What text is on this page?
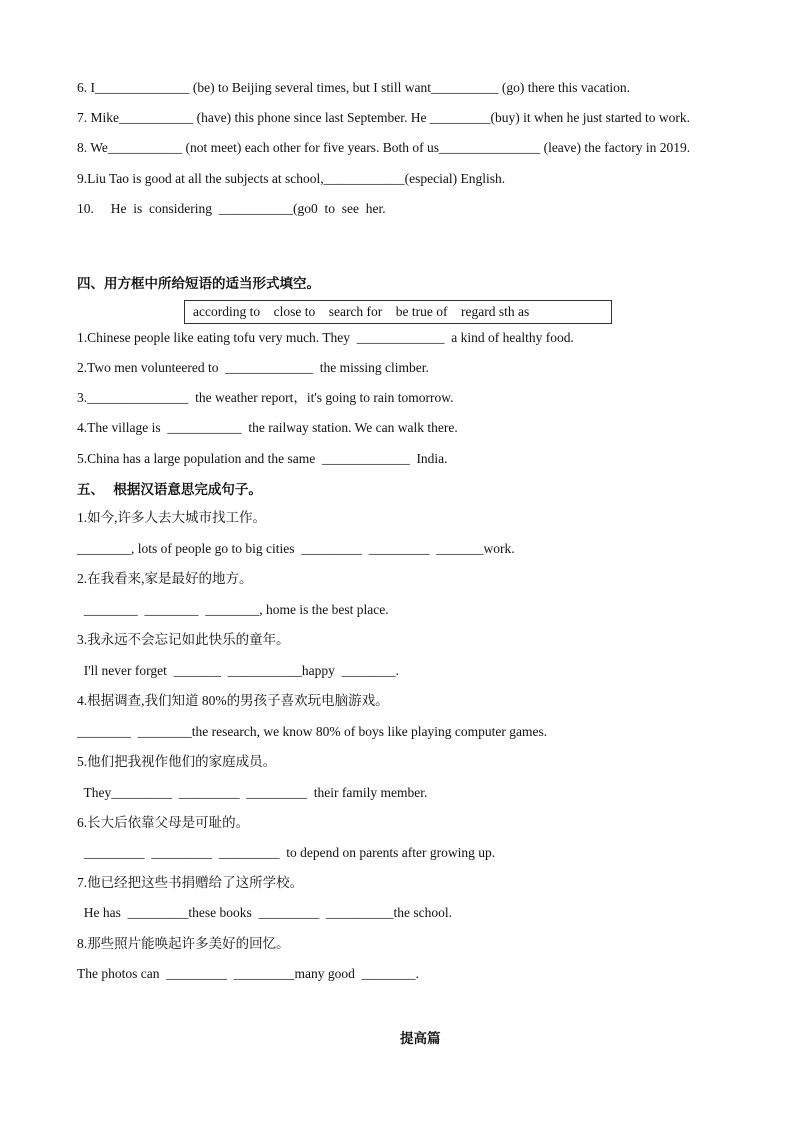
6. I______________ (be) to Beijing several times, but I still want__________ (go) there this vacation.
7. Mike___________ (have) this phone since last September. He _________(buy) it when he just started to work.
8. We___________ (not meet) each other for five years. Both of us_______________ (leave) the factory in 2019.
9.Liu Tao is good at all the subjects at school,____________(especial) English.
10.     He  is  considering  ___________(go0  to  see  her.
四、用方框中所给短语的适当形式填空。
according to    close to    search for    be true of    regard sth as
1.Chinese people like eating tofu very much. They  _____________  a kind of healthy food.
2.Two men volunteered to  _____________  the missing climber.
3._______________  the weather report，it's going to rain tomorrow.
4.The village is  ___________  the railway station. We can walk there.
5.China has a large population and the same  _____________  India.
五、  根据汉语意思完成句子。
1.如今,许多人去大城市找工作。
________, lots of people go to big cities  _________  _________  _______work.
2.在我看来,家是最好的地方。
________  ________  ________, home is the best place.
3.我永远不会忘记如此快乐的童年。
I'll never forget  _______  ___________happy  ________.
4.根据调查,我们知道 80%的男孩子喜欢玩电脑游戏。
________  ________the research, we know 80% of boys like playing computer games.
5.他们把我视作他们的家庭成员。
They_________  _________  _________  their family member.
6.长大后依靠父母是可耻的。
_________  _________  _________  to depend on parents after growing up.
7.他已经把这些书捐赠给了这所学校。
He has  _________these books  _________  __________the school.
8.那些照片能唤起许多美好的回忆。
The photos can  _________  _________many good  ________.
提高篇
